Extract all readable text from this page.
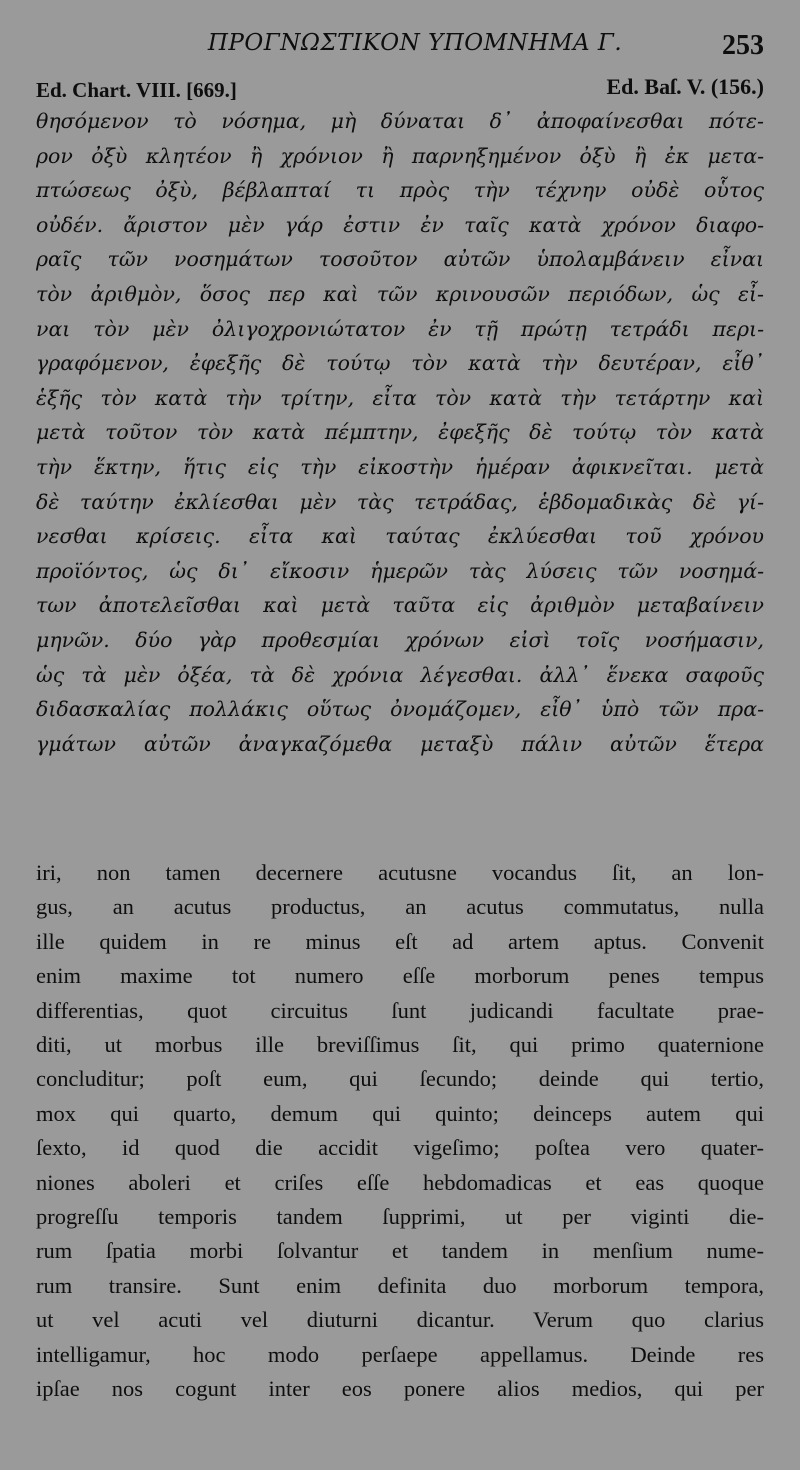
ΠΡΟΓΝΩΣΤΙΚΟΝ ΥΠΟΜΝΗΜΑ Γ.	253
Ed. Chart. VIII. [669.]	Ed. Baſ. V. (156.)
θησόμενον τὸ νόσημα, μὴ δύναται δ᾽ ἀποφαίνεσθαι πότε-
ρον ὀξὺ κλητέον ἢ χρόνιον ἢ παρνηξημένον ὀξὺ ἢ ἐκ μετα-
πτώσεως ὀξὺ, βέβλαπταί τι πρὸς τὴν τέχνην οὐδὲ οὗτος
οὐδέν. ἄριστον μὲν γάρ ἐστιν ἐν ταῖς κατὰ χρόνον διαφο-
ραῖς τῶν νοσημάτων τοσοῦτον αὐτῶν ὑπολαμβάνειν εἶναι
τὸν ἀριθμὸν, ὅσος περ καὶ τῶν κρινουσῶν περιόδων, ὡς εἶ-
ναι τὸν μὲν ὀλιγοχρονιώτατον ἐν τῇ πρώτῃ τετράδι περι-
γραφόμενον, ἐφεξῆς δὲ τούτῳ τὸν κατὰ τὴν δευτέραν, εἶθ᾽
ἑξῆς τὸν κατὰ τὴν τρίτην, εἶτα τὸν κατὰ τὴν τετάρτην καὶ
μετὰ τοῦτον τὸν κατὰ πέμπτην, ἐφεξῆς δὲ τούτῳ τὸν κατὰ
τὴν ἕκτην, ἥτις εἰς τὴν εἰκοστὴν ἡμέραν ἀφικνεῖται. μετὰ
δὲ ταύτην ἐκλίεσθαι μὲν τὰς τετράδας, ἑβδομαδικὰς δὲ γί-
νεσθαι κρίσεις. εἶτα καὶ ταύτας ἐκλύεσθαι τοῦ χρόνου
προϊόντος, ὡς δι᾽ εἴκοσιν ἡμερῶν τὰς λύσεις τῶν νοσημά-
των ἀποτελεῖσθαι καὶ μετὰ ταῦτα εἰς ἀριθμὸν μεταβαίνειν
μηνῶν. δύο γὰρ προθεσμίαι χρόνων εἰσὶ τοῖς νοσήμασιν,
ὡς τὰ μὲν ὀξέα, τὰ δὲ χρόνια λέγεσθαι. ἀλλ᾽ ἕνεκα σαφοῦς
διδασκαλίας πολλάκις οὕτως ὀνομάζομεν, εἶθ᾽ ὑπὸ τῶν πρα-
γμάτων αὐτῶν ἀναγκαζόμεθα μεταξὺ πάλιν αὐτῶν ἕτερα
iri, non tamen decernere acutusne vocandus ſit, an lon-
gus, an acutus productus, an acutus commutatus, nulla
ille quidem in re minus eſt ad artem aptus. Convenit
enim maxime tot numero eſſe morborum penes tempus
differentias, quot circuitus ſunt judicandi facultate prae-
diti, ut morbus ille breviſſimus ſit, qui primo quaternione
concluditur; poſt eum, qui ſecundo; deinde qui tertio,
mox qui quarto, demum qui quinto; deinceps autem qui
ſexto, id quod die accidit vigeſimo; poſtea vero quater-
niones aboleri et criſes eſſe hebdomadicas et eas quoque
progreſſu temporis tandem ſupprimi, ut per viginti die-
rum ſpatia morbi ſolvantur et tandem in menſium nume-
rum transire. Sunt enim definita duo morborum tempora,
ut vel acuti vel diuturni dicantur. Verum quo clarius
intelligamur, hoc modo perſaepe appellamus. Deinde res
ipſae nos cogunt inter eos ponere alios medios, qui per
